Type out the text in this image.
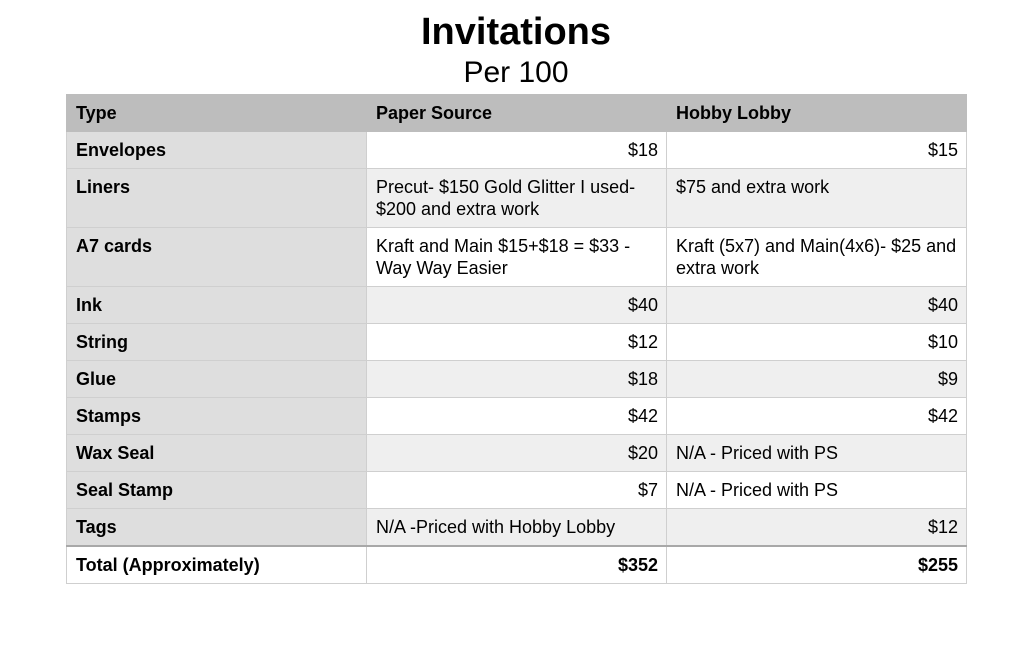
Invitations
Per 100
Type	Paper Source	Hobby Lobby
Envelopes	$18	$15
Liners	Precut- $150 Gold Glitter I used- $200 and extra work	$75 and extra work
A7 cards	Kraft and Main $15+$18 = $33 -Way Way Easier	Kraft (5x7) and Main(4x6)- $25 and extra work
Ink	$40	$40
String	$12	$10
Glue	$18	$9
Stamps	$42	$42
Wax Seal	$20	N/A - Priced with PS
Seal Stamp	$7	N/A - Priced with PS
Tags	N/A -Priced with Hobby Lobby	$12
Total (Approximately)	$352	$255
